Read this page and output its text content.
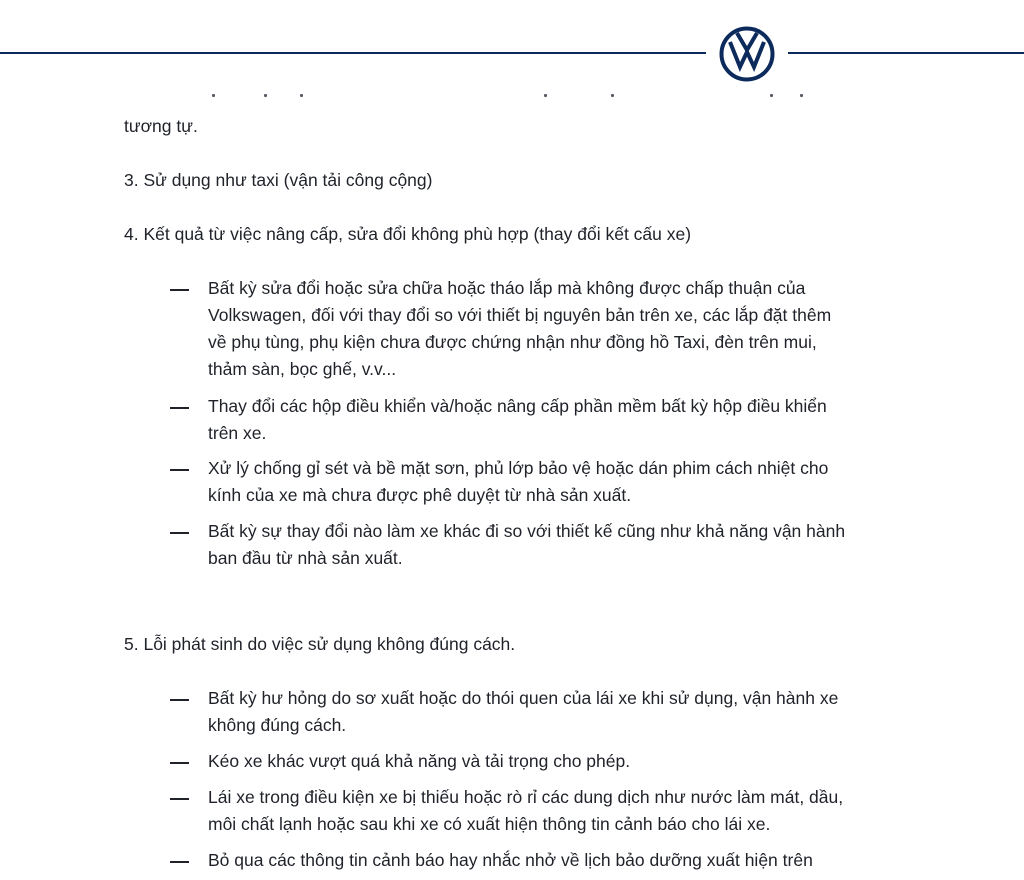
tương tự.

3. Sử dụng như taxi (vận tải công cộng)

4. Kết quả từ việc nâng cấp, sửa đổi không phù hợp (thay đổi kết cấu xe)

Bất kỳ sửa đổi hoặc sửa chữa hoặc tháo lắp mà không được chấp thuận của Volkswagen, đối với thay đổi so với thiết bị nguyên bản trên xe, các lắp đặt thêm về phụ tùng, phụ kiện chưa được chứng nhận như đồng hồ Taxi, đèn trên mui, thảm sàn, bọc ghế, v.v...
Thay đổi các hộp điều khiển và/hoặc nâng cấp phần mềm bất kỳ hộp điều khiển trên xe.
Xử lý chống gỉ sét và bề mặt sơn, phủ lớp bảo vệ hoặc dán phim cách nhiệt cho kính của xe mà chưa được phê duyệt từ nhà sản xuất.
Bất kỳ sự thay đổi nào làm xe khác đi so với thiết kế cũng như khả năng vận hành ban đầu từ nhà sản xuất.

5. Lỗi phát sinh do việc sử dụng không đúng cách.

Bất kỳ hư hỏng do sơ xuất hoặc do thói quen của lái xe khi sử dụng, vận hành xe không đúng cách.
Kéo xe khác vượt quá khả năng và tải trọng cho phép.
Lái xe trong điều kiện xe bị thiếu hoặc rò rỉ các dung dịch như nước làm mát, dầu, môi chất lạnh hoặc sau khi xe có xuất hiện thông tin cảnh báo cho lái xe.
Bỏ qua các thông tin cảnh báo hay nhắc nhở về lịch bảo dưỡng xuất hiện trên
